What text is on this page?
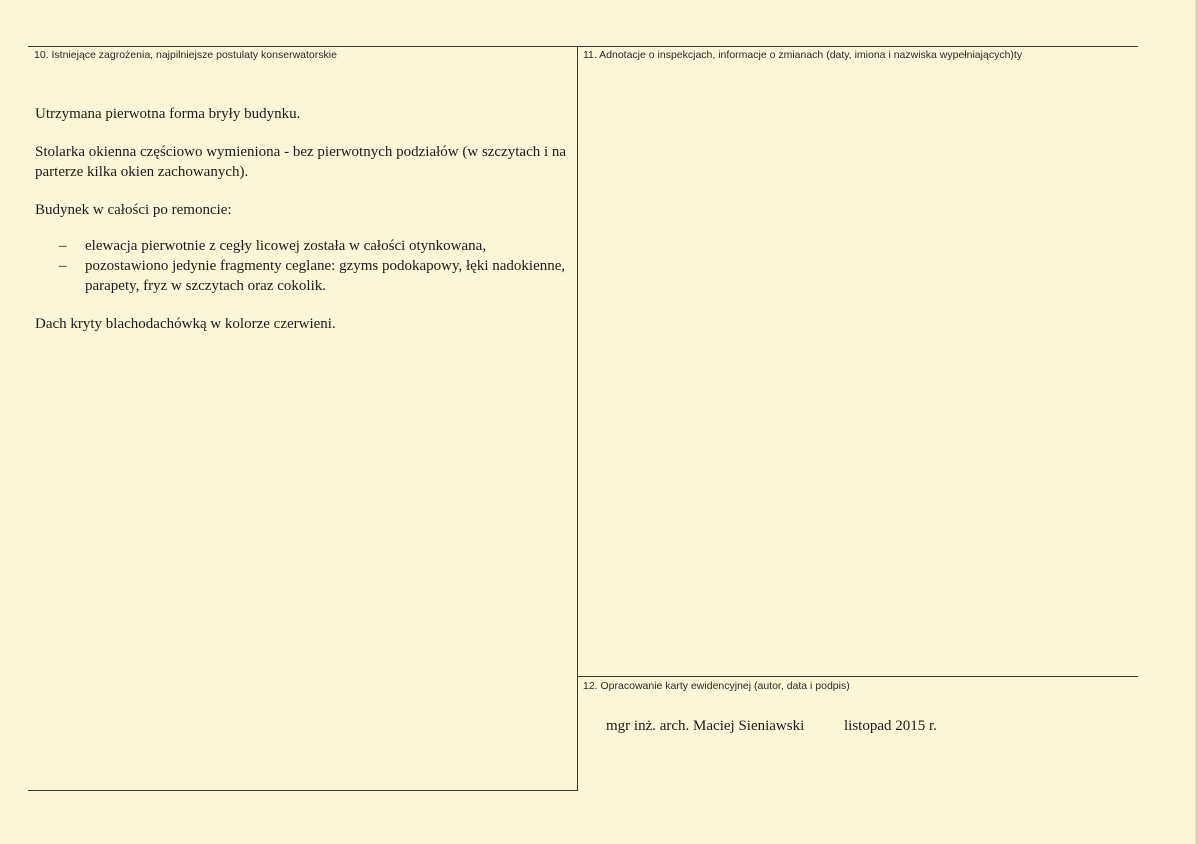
10. Istniejące zagrożenia, najpilniejsze postulaty konserwatorskie	11. Adnotacje o inspekcjach, informacje o zmianach (daty, imiona i nazwiska wypełniających)ty
12. Opracowanie karty ewidencyjnej (autor, data i podpis)

Utrzymana pierwotna forma bryły budynku.

Stolarka okienna częściowo wymieniona - bez pierwotnych podziałów (w szczytach i na parterze kilka okien zachowanych).

Budynek w całości po remoncie:

– elewacja pierwotnie z cegły licowej została w całości otynkowana,
– pozostawiono jedynie fragmenty ceglane: gzyms podokapowy, łęki nadokienne, parapety, fryz w szczytach oraz cokolik.

Dach kryty blachodachówką w kolorze czerwieni.

mgr inż. arch. Maciej Sieniawski	listopad 2015 r.
